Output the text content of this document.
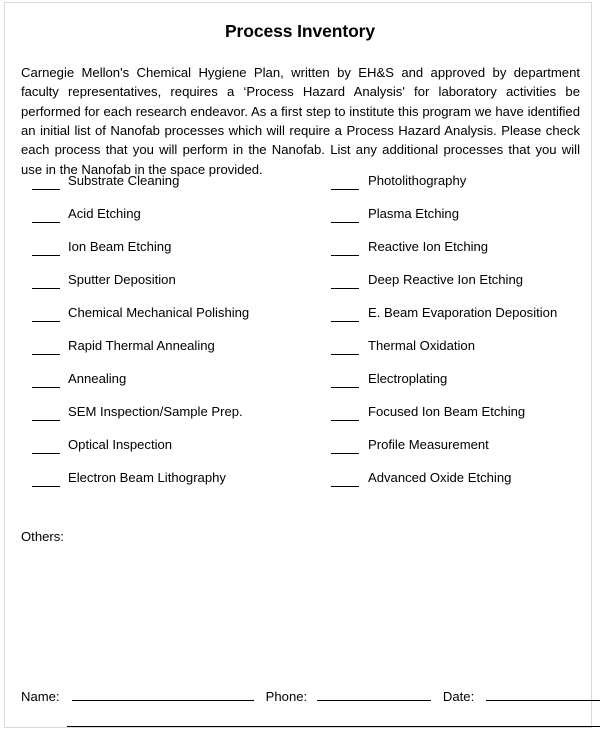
Process Inventory

Carnegie Mellon's Chemical Hygiene Plan, written by EH&S and approved by department faculty representatives, requires a ‘Process Hazard Analysis' for laboratory activities be performed for each research endeavor. As a first step to institute this program we have identified an initial list of Nanofab processes which will require a Process Hazard Analysis. Please check each process that you will perform in the Nanofab. List any additional processes that you will use in the Nanofab in the space provided.

Substrate Cleaning
Acid Etching
Ion Beam Etching
Sputter Deposition
Chemical Mechanical Polishing
Rapid Thermal Annealing
Annealing
SEM Inspection/Sample Prep.
Optical Inspection
Electron Beam Lithography
Photolithography
Plasma Etching
Reactive Ion Etching
Deep Reactive Ion Etching
E. Beam Evaporation Deposition
Thermal Oxidation
Electroplating
Focused Ion Beam Etching
Profile Measurement
Advanced Oxide Etching
Others:
Name:	Phone:	Date:
